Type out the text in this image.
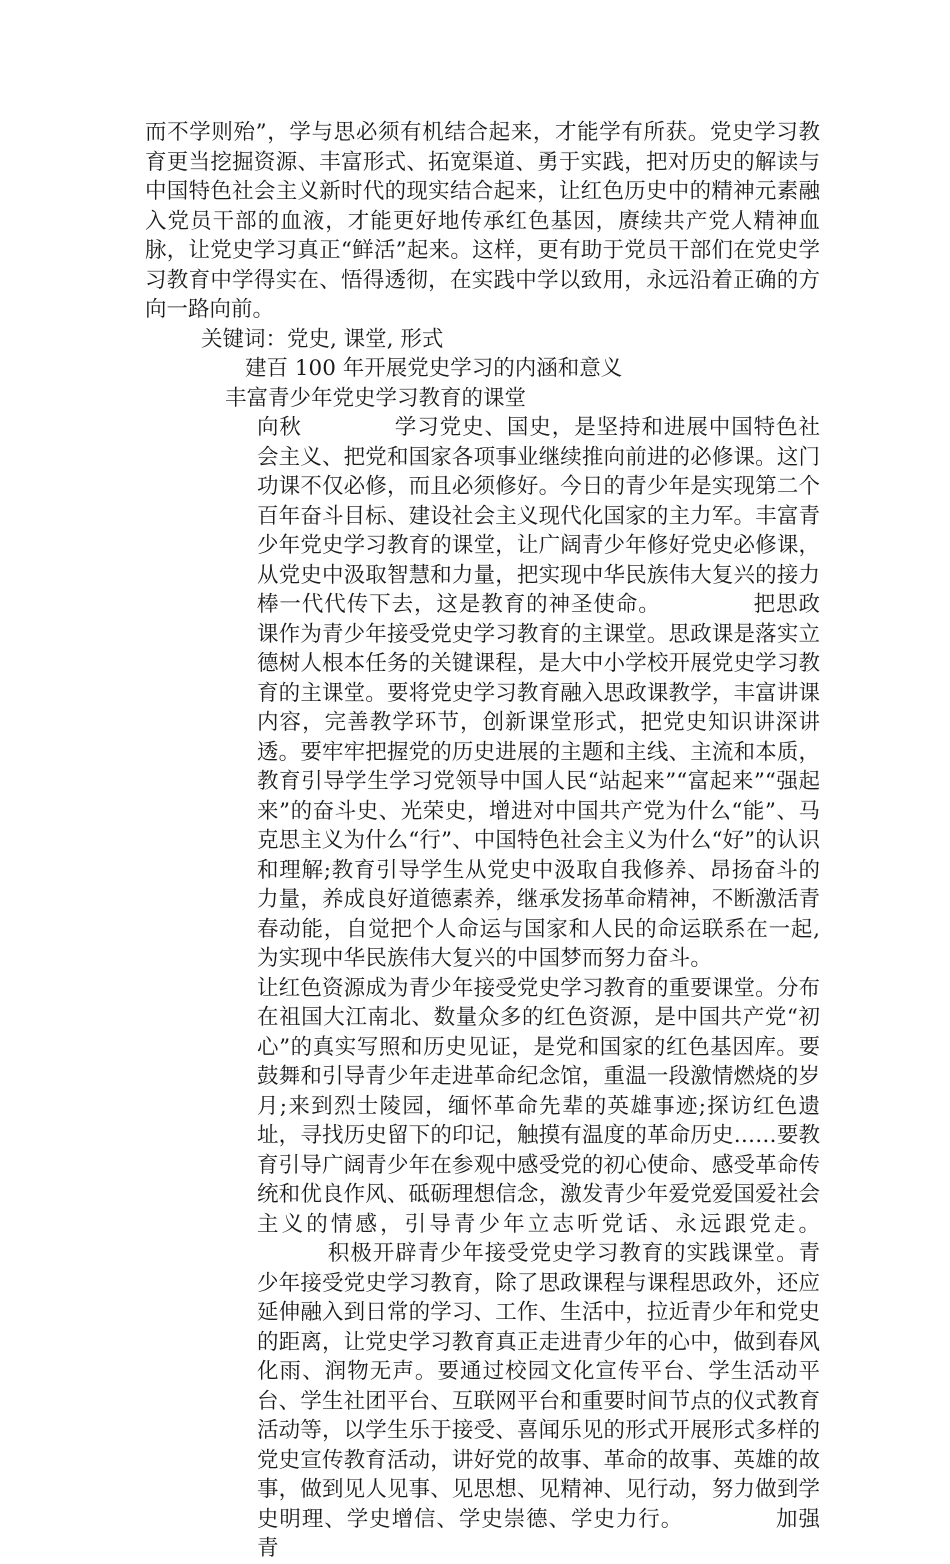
而不学则殆”，学与思必须有机结合起来，才能学有所获。党史学习教育更当挖掘资源、丰富形式、拓宽渠道、勇于实践，把对历史的解读与中国特色社会主义新时代的现实结合起来，让红色历史中的精神元素融入党员干部的血液，才能更好地传承红色基因，赓续共产党人精神血脉，让党史学习真正“鲜活”起来。这样，更有助于党员干部们在党史学习教育中学得实在、悟得透彻，在实践中学以致用，永远沿着正确的方向一路向前。

关键词：党史, 课堂, 形式

建百 100 年开展党史学习的内涵和意义

丰富青少年党史学习教育的课堂

向秋	学习党史、国史，是坚持和进展中国特色社会主义、把党和国家各项事业继续推向前进的必修课。这门功课不仅必修，而且必须修好。今日的青少年是实现第二个百年奋斗目标、建设社会主义现代化国家的主力军。丰富青少年党史学习教育的课堂，让广阔青少年修好党史必修课，从党史中汲取智慧和力量，把实现中华民族伟大复兴的接力棒一代代传下去，这是教育的神圣使命。	把思政课作为青少年接受党史学习教育的主课堂。思政课是落实立德树人根本任务的关键课程，是大中小学校开展党史学习教育的主课堂。要将党史学习教育融入思政课教学，丰富讲课内容，完善教学环节，创新课堂形式，把党史知识讲深讲透。要牢牢把握党的历史进展的主题和主线、主流和本质，教育引导学生学习党领导中国人民“站起来”“富起来”“强起来”的奋斗史、光荣史，增进对中国共产党为什么“能”、马克思主义为什么“行”、中国特色社会主义为什么“好”的认识和理解;教育引导学生从党史中汲取自我修养、昂扬奋斗的力量，养成良好道德素养，继承发扬革命精神，不断激活青春动能，自觉把个人命运与国家和人民的命运联系在一起,为实现中华民族伟大复兴的中国梦而努力奋斗。让红色资源成为青少年接受党史学习教育的重要课堂。分布在祖国大江南北、数量众多的红色资源，是中国共产党“初心”的真实写照和历史见证，是党和国家的红色基因库。要鼓舞和引导青少年走进革命纪念馆，重温一段激情燃烧的岁月;来到烈士陵园，缅怀革命先辈的英雄事迹;探访红色遗址，寻找历史留下的印记，触摸有温度的革命历史……要教育引导广阔青少年在参观中感受党的初心使命、感受革命传统和优良作风、砥砺理想信念，激发青少年爱党爱国爱社会主义的情感，引导青少年立志听党话、永远跟党走。积极开辟青少年接受党史学习教育的实践课堂。青少年接受党史学习教育，除了思政课程与课程思政外，还应延伸融入到日常的学习、工作、生活中，拉近青少年和党史的距离，让党史学习教育真正走进青少年的心中，做到春风化雨、润物无声。要通过校园文化宣传平台、学生活动平台、学生社团平台、互联网平台和重要时间节点的仪式教育活动等，以学生乐于接受、喜闻乐见的形式开展形式多样的党史宣传教育活动，讲好党的故事、革命的故事、英雄的故事，做到见人见事、见思想、见精神、见行动，努力做到学史明理、学史增信、学史崇德、学史力行。	加强青
